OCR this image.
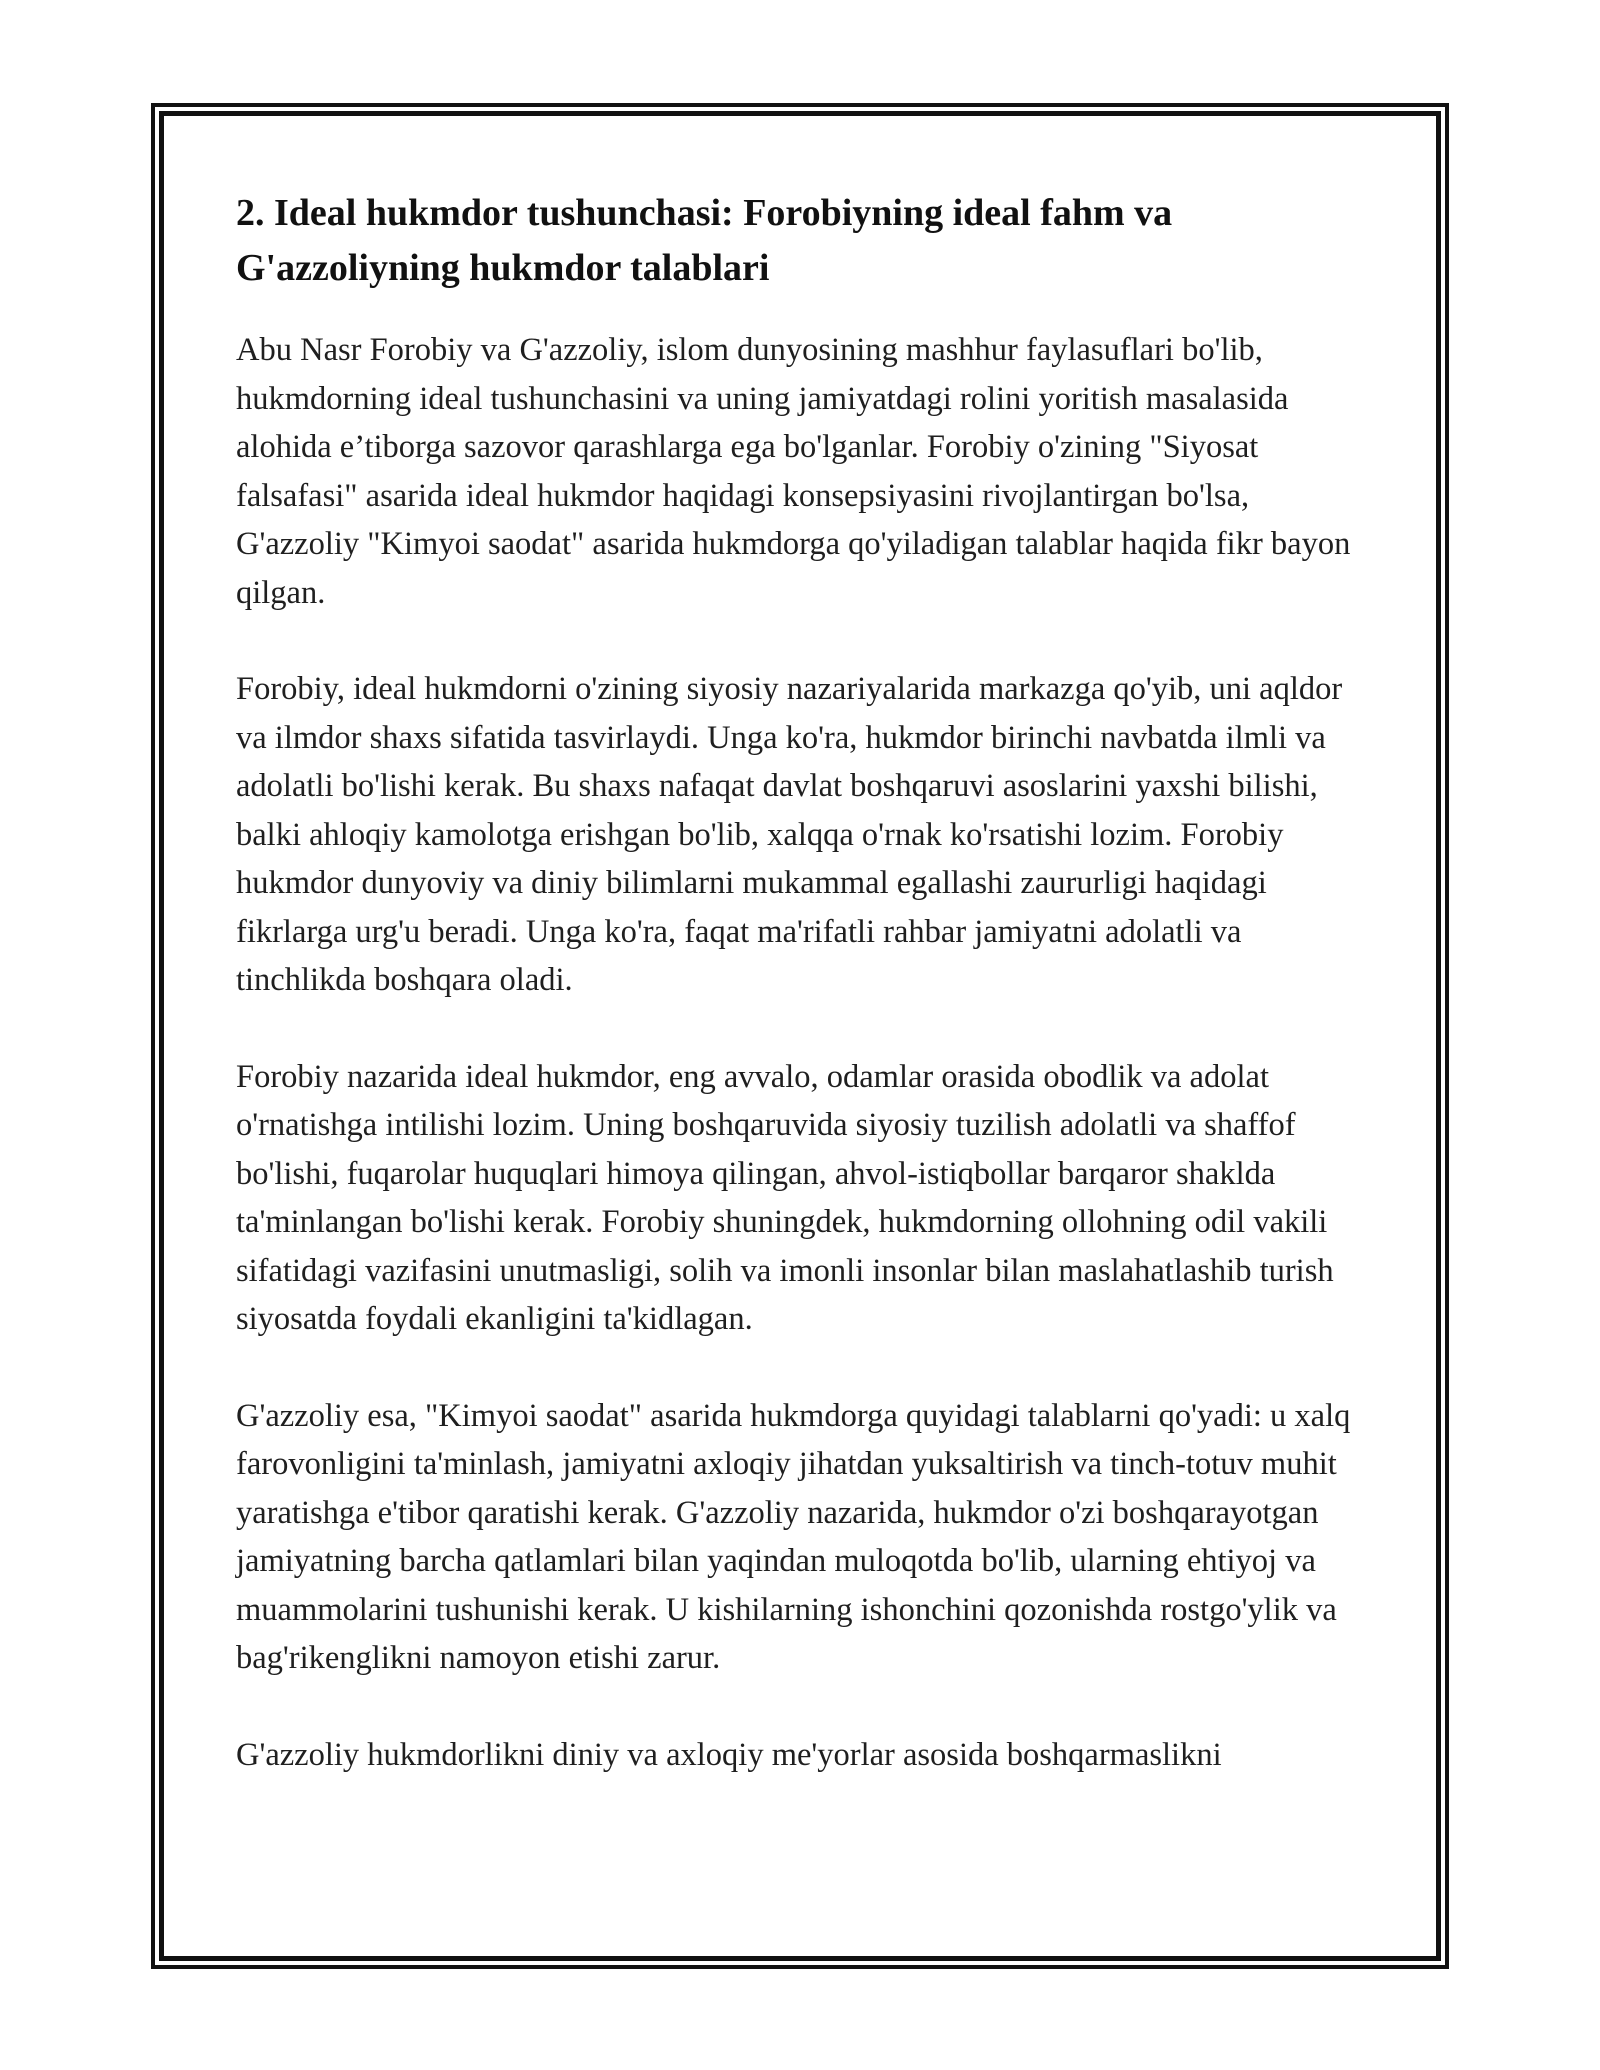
2. Ideal hukmdor tushunchasi: Forobiyning ideal fahm va G'azzoliyning hukmdor talablari

Abu Nasr Forobiy va G'azzoliy, islom dunyosining mashhur faylasuflari bo'lib, hukmdorning ideal tushunchasini va uning jamiyatdagi rolini yoritish masalasida alohida e’tiborga sazovor qarashlarga ega bo'lganlar. Forobiy o'zining "Siyosat falsafasi" asarida ideal hukmdor haqidagi konsepsiyasini rivojlantirgan bo'lsa, G'azzoliy "Kimyoi saodat" asarida hukmdorga qo'yiladigan talablar haqida fikr bayon qilgan.

Forobiy, ideal hukmdorni o'zining siyosiy nazariyalarida markazga qo'yib, uni aqldor va ilmdor shaxs sifatida tasvirlaydi. Unga ko'ra, hukmdor birinchi navbatda ilmli va adolatli bo'lishi kerak. Bu shaxs nafaqat davlat boshqaruvi asoslarini yaxshi bilishi, balki ahloqiy kamolotga erishgan bo'lib, xalqqa o'rnak ko'rsatishi lozim. Forobiy hukmdor dunyoviy va diniy bilimlarni mukammal egallashi zaururligi haqidagi fikrlarga urg'u beradi. Unga ko'ra, faqat ma'rifatli rahbar jamiyatni adolatli va tinchlikda boshqara oladi.

Forobiy nazarida ideal hukmdor, eng avvalo, odamlar orasida obodlik va adolat o'rnatishga intilishi lozim. Uning boshqaruvida siyosiy tuzilish adolatli va shaffof bo'lishi, fuqarolar huquqlari himoya qilingan, ahvol-istiqbollar barqaror shaklda ta'minlangan bo'lishi kerak. Forobiy shuningdek, hukmdorning ollohning odil vakili sifatidagi vazifasini unutmasligi, solih va imonli insonlar bilan maslahatlashib turish siyosatda foydali ekanligini ta'kidlagan.

G'azzoliy esa, "Kimyoi saodat" asarida hukmdorga quyidagi talablarni qo'yadi: u xalq farovonligini ta'minlash, jamiyatni axloqiy jihatdan yuksaltirish va tinch-totuv muhit yaratishga e'tibor qaratishi kerak. G'azzoliy nazarida, hukmdor o'zi boshqarayotgan jamiyatning barcha qatlamlari bilan yaqindan muloqotda bo'lib, ularning ehtiyoj va muammolarini tushunishi kerak. U kishilarning ishonchini qozonishda rostgo'ylik va bag'rikenglikni namoyon etishi zarur.

G'azzoliy hukmdorlikni diniy va axloqiy me'yorlar asosida boshqarmaslikni
